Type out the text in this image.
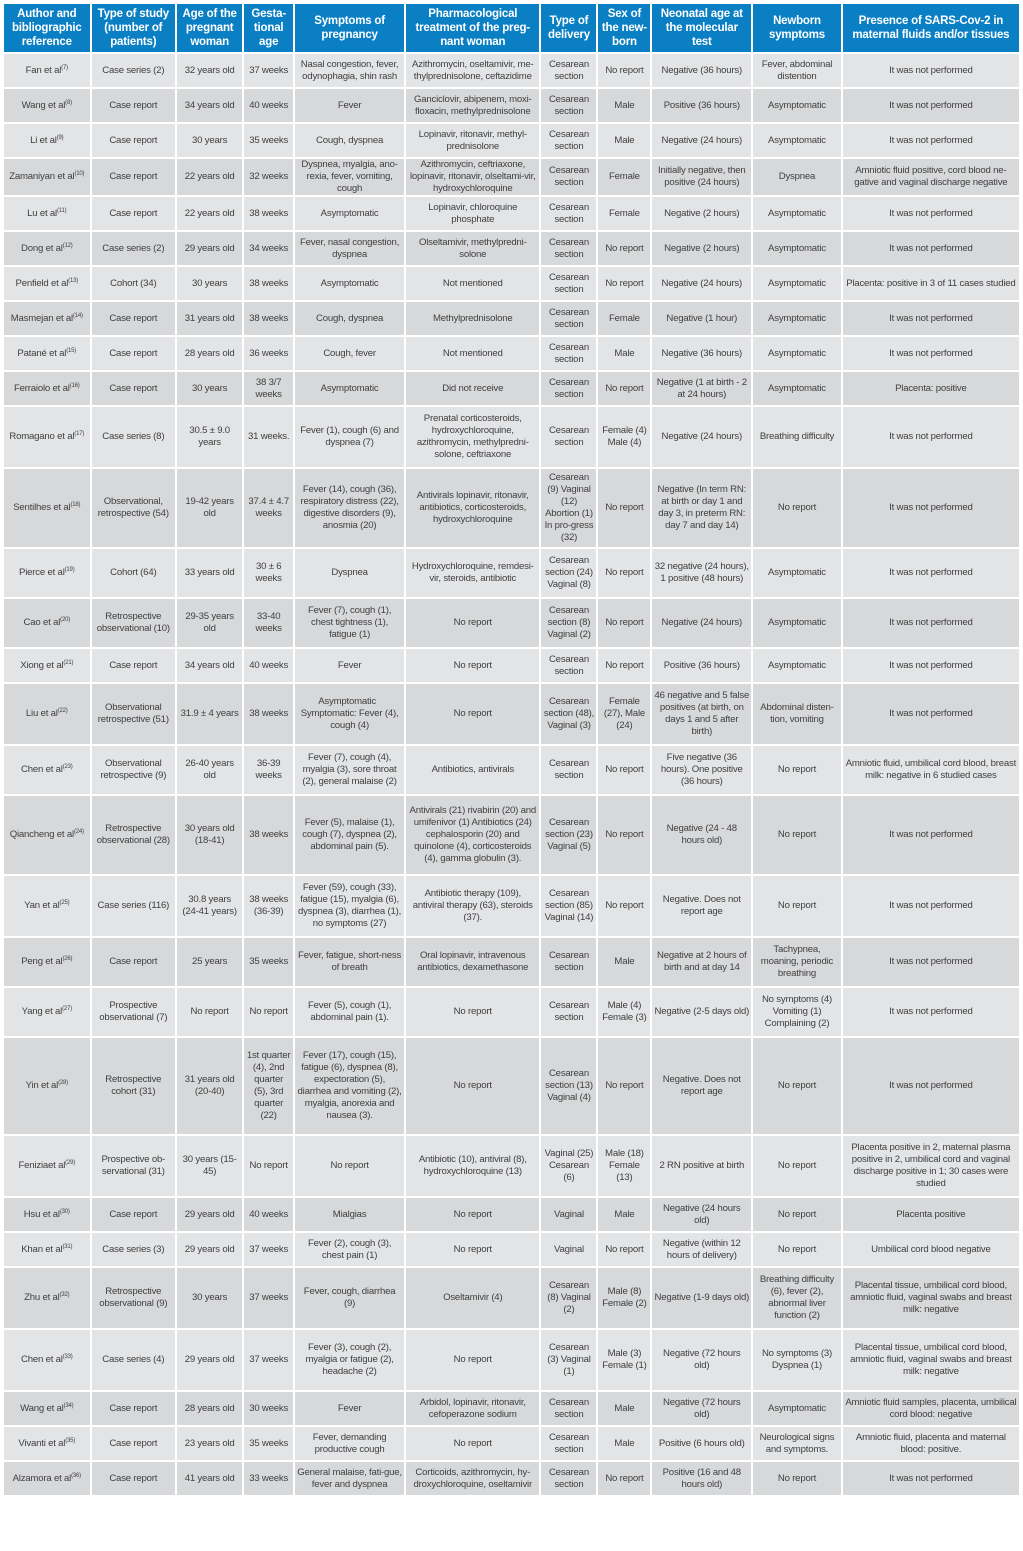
Author and bibliographic reference	Type of study (number of patients)	Age of the pregnant woman	Gesta-tional age	Symptoms of pregnancy	Pharmacological treatment of the preg-nant woman	Type of delivery	Sex of the new-born	Neonatal age at the molecular test	Newborn symptoms	Presence of SARS-Cov-2 in maternal fluids and/or tissues
Fan et $al^{(7)}$	Case series (2)	32 years old	37 weeks	Nasal congestion, fever, odynophagia, shin rash	Azithromycin, oseltamivir, me-thylprednisolone, ceftazidime	Cesarean section	No report	Negative (36 hours)	Fever, abdominal distention	It was not performed
Wang et $al^{(8)}$	Case report	34 years old	40 weeks	Fever	Ganciclovir, abipenem, moxi-floxacin, methylprednisolone	Cesarean section	Male	Positive (36 hours)	Asymptomatic	It was not performed
Li et $al^{(9)}$	Case report	30 years	35 weeks	Cough, dyspnea	Lopinavir, ritonavir, methyl-prednisolone	Cesarean section	Male	Negative (24 hours)	Asymptomatic	It was not performed
Zamaniyan et $al^{(10)}$	Case report	22 years old	32 weeks	Dyspnea, myalgia, ano-rexia, fever, vomiting, cough	Azithromycin, ceftriaxone, lopinavir, ritonavir, olseltami-vir, hydroxychloroquine	Cesarean section	Female	Initially negative, then positive (24 hours)	Dyspnea	Amniotic fluid positive, cord blood ne-gative and vaginal discharge negative
Lu et $al^{(11)}$	Case report	22 years old	38 weeks	Asymptomatic	Lopinavir, chloroquine phosphate	Cesarean section	Female	Negative (2 hours)	Asymptomatic	It was not performed
Dong et $al^{(12)}$	Case series (2)	29 years old	34 weeks	Fever, nasal congestion, dyspnea	Olseltamivir, methylpredni-solone	Cesarean section	No report	Negative (2 hours)	Asymptomatic	It was not performed
Penfield et $al^{(13)}$	Cohort (34)	30 years	38 weeks	Asymptomatic	Not mentioned	Cesarean section	No report	Negative (24 hours)	Asymptomatic	Placenta: positive in 3 of 11 cases studied
Masmejan et $al^{(14)}$	Case report	31 years old	38 weeks	Cough, dyspnea	Methylprednisolone	Cesarean section	Female	Negative (1 hour)	Asymptomatic	It was not performed
Patané et $al^{(15)}$	Case report	28 years old	36 weeks	Cough, fever	Not mentioned	Cesarean section	Male	Negative (36 hours)	Asymptomatic	It was not performed
Ferraiolo et $al^{(16)}$	Case report	30 years	38 3/7 weeks	Asymptomatic	Did not receive	Cesarean section	No report	Negative (1 at birth - 2 at 24 hours)	Asymptomatic	Placenta: positive
Romagano et $al^{(17)}$	Case series (8)	30.5 ± 9.0 years	31 weeks.	Fever (1), cough (6) and dyspnea (7)	Prenatal corticosteroids, hydroxychloroquine, azithromycin, methylpredni-solone, ceftriaxone	Cesarean section	Female (4) Male (4)	Negative (24 hours)	Breathing difficulty	It was not performed
Sentilhes et $al^{(18)}$	Observational, retrospective (54)	19-42 years old	37.4 ± 4.7 weeks	Fever (14), cough (36), respiratory distress (22), digestive disorders (9), anosmia (20)	Antivirals lopinavir, ritonavir, antibiotics, corticosteroids, hydroxychloroquine	Cesarean (9) Vaginal (12) Abortion (1) In pro-gress (32)	No report	Negative (In term RN: at birth or day 1 and day 3, in preterm RN: day 7 and day 14)	No report	It was not performed
Pierce et $al^{(19)}$	Cohort (64)	33 years old	30 ± 6 weeks	Dyspnea	Hydroxychloroquine, remdesi-vir, steroids, antibiotic	Cesarean section (24) Vaginal (8)	No report	32 negative (24 hours), 1 positive (48 hours)	Asymptomatic	It was not performed
Cao et $al^{(20)}$	Retrospective observational (10)	29-35 years old	33-40 weeks	Fever (7), cough (1), chest tightness (1), fatigue (1)	No report	Cesarean section (8) Vaginal (2)	No report	Negative (24 hours)	Asymptomatic	It was not performed
Xiong et $al^{(21)}$	Case report	34 years old	40 weeks	Fever	No report	Cesarean section	No report	Positive (36 hours)	Asymptomatic	It was not performed
Liu et $al^{(22)}$	Observational retrospective (51)	31.9 ± 4 years	38 weeks	Asymptomatic   Symptomatic: Fever (4), cough (4)	No report	Cesarean section (48), Vaginal (3)	Female (27), Male (24)	46 negative and 5 false positives (at birth, on days 1 and 5 after birth)	Abdominal disten-tion, vomiting	It was not performed
Chen et $al^{(23)}$	Observational retrospective (9)	26-40 years old	36-39 weeks	Fever (7), cough (4), myalgia (3), sore throat (2), general malaise (2)	Antibiotics, antivirals	Cesarean section	No report	Five negative (36 hours). One positive (36 hours)	No report	Amniotic fluid, umbilical cord blood, breast milk: negative in 6 studied cases
Qiancheng et $al^{(24)}$	Retrospective observational (28)	30 years old (18-41)	38 weeks	Fever (5), malaise (1), cough (7), dyspnea (2), abdominal pain (5).	Antivirals (21) rivabirin (20) and umifenivor (1) Antibiotics (24) cephalosporin (20) and quinolone (4), corticosteroids (4), gamma globulin (3).	Cesarean section (23) Vaginal (5)	No report	Negative (24 - 48 hours old)	No report	It was not performed
Yan et $al^{(25)}$	Case series (116)	30.8 years (24-41 years)	38 weeks (36-39)	Fever (59), cough (33), fatigue (15), myalgia (6), dyspnea (3), diarrhea (1), no symptoms (27)	Antibiotic therapy (109), antiviral therapy (63), steroids (37).	Cesarean section (85) Vaginal (14)	No report	Negative. Does not report age	No report	It was not performed
Peng et $al^{(26)}$	Case report	25 years	35 weeks	Fever, fatigue, short-ness of breath	Oral lopinavir, intravenous antibiotics, dexamethasone	Cesarean section	Male	Negative at 2 hours of birth and at day 14	Tachypnea, moaning, periodic breathing	It was not performed
Yang et $al^{(27)}$	Prospective observational (7)	No report	No report	Fever (5), cough (1), abdominal pain (1).	No report	Cesarean section	Male (4) Female (3)	Negative (2-5 days old)	No symptoms (4) Vomiting (1) Complaining (2)	It was not performed
Yin et $al^{(28)}$	Retrospective cohort (31)	31 years old (20-40)	1st quarter (4), 2nd quarter (5), 3rd quarter (22)	Fever (17), cough (15), fatigue (6), dyspnea (8), expectoration (5), diarrhea and vomiting (2), myalgia, anorexia and nausea (3).	No report	Cesarean section (13) Vaginal (4)	No report	Negative. Does not report age	No report	It was not performed
Feniziaet $al^{(29)}$	Prospective ob-servational (31)	30 years (15-45)	No report	No report	Antibiotic (10), antiviral (8), hydroxychloroquine (13)	Vaginal (25) Cesarean (6)	Male (18) Female (13)	2 RN positive at birth	No report	Placenta positive in 2, maternal plasma positive in 2, umbilical cord and vaginal discharge positive in 1; 30 cases were studied
Hsu et $al^{(30)}$	Case report	29 years old	40 weeks	Mialgias	No report	Vaginal	Male	Negative (24 hours old)	No report	Placenta positive
Khan et $al^{(31)}$	Case series (3)	29 years old	37 weeks	Fever (2), cough (3), chest pain (1)	No report	Vaginal	No report	Negative (within 12 hours of delivery)	No report	Umbilical cord blood negative
Zhu et $al^{(32)}$	Retrospective observational (9)	30 years	37 weeks	Fever, cough, diarrhea (9)	Oseltamivir (4)	Cesarean (8) Vaginal (2)	Male (8) Female (2)	Negative (1-9 days old)	Breathing difficulty (6), fever (2), abnormal liver function (2)	Placental tissue, umbilical cord blood, amniotic fluid, vaginal swabs and breast milk: negative
Chen et $al^{(33)}$	Case series (4)	29 years old	37 weeks	Fever (3), cough (2), myalgia or fatigue (2), headache (2)	No report	Cesarean (3) Vaginal (1)	Male (3) Female (1)	Negative (72 hours old)	No symptoms (3) Dyspnea (1)	Placental tissue, umbilical cord blood, amniotic fluid, vaginal swabs and breast milk: negative
Wang et $al^{(34)}$	Case report	28 years old	30 weeks	Fever	Arbidol, lopinavir, ritonavir, cefoperazone sodium	Cesarean section	Male	Negative (72 hours old)	Asymptomatic	Amniotic fluid samples, placenta, umbilical cord blood: negative
Vivanti et $al^{(35)}$	Case report	23 years old	35 weeks	Fever, demanding productive cough	No report	Cesarean section	Male	Positive (6 hours old)	Neurological signs and symptoms.	Amniotic fluid, placenta and maternal blood: positive.
Alzamora et $al^{(36)}$	Case report	41 years old	33 weeks	General malaise, fati-gue, fever and dyspnea	Corticoids, azithromycin, hy-droxychloroquine, oseltamivir	Cesarean section	No report	Positive (16 and 48 hours old)	No report	It was not performed
